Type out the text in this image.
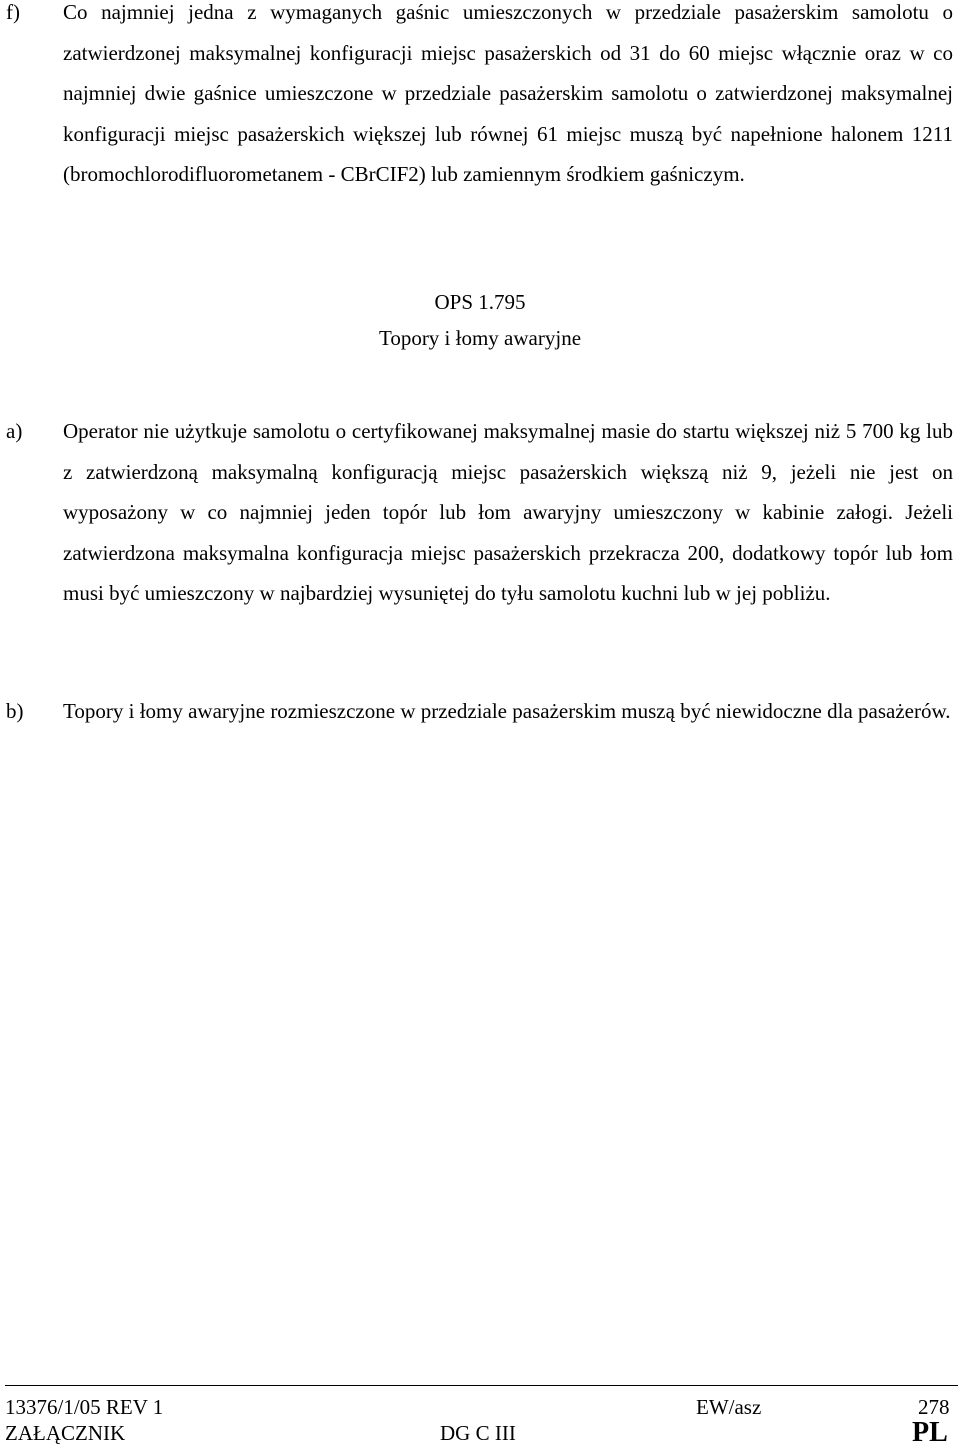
f) Co najmniej jedna z wymaganych gaśnic umieszczonych w przedziale pasażerskim samolotu o zatwierdzonej maksymalnej konfiguracji miejsc pasażerskich od 31 do 60 miejsc włącznie oraz w co najmniej dwie gaśnice umieszczone w przedziale pasażerskim samolotu o zatwierdzonej maksymalnej konfiguracji miejsc pasażerskich większej lub równej 61 miejsc muszą być napełnione halonem 1211 (bromochlorodifluorometanem - CBrCIF2) lub zamiennym środkiem gaśniczym.
OPS 1.795
Topory i łomy awaryjne
a) Operator nie użytkuje samolotu o certyfikowanej maksymalnej masie do startu większej niż 5 700 kg lub z zatwierdzoną maksymalną konfiguracją miejsc pasażerskich większą niż 9, jeżeli nie jest on wyposażony w co najmniej jeden topór lub łom awaryjny umieszczony w kabinie załogi. Jeżeli zatwierdzona maksymalna konfiguracja miejsc pasażerskich przekracza 200, dodatkowy topór lub łom musi być umieszczony w najbardziej wysuniętej do tyłu samolotu kuchni lub w jej pobliżu.
b) Topory i łomy awaryjne rozmieszczone w przedziale pasażerskim muszą być niewidoczne dla pasażerów.
13376/1/05 REV 1
ZAŁĄCZNIK
EW/asz
DG C III
278
PL
